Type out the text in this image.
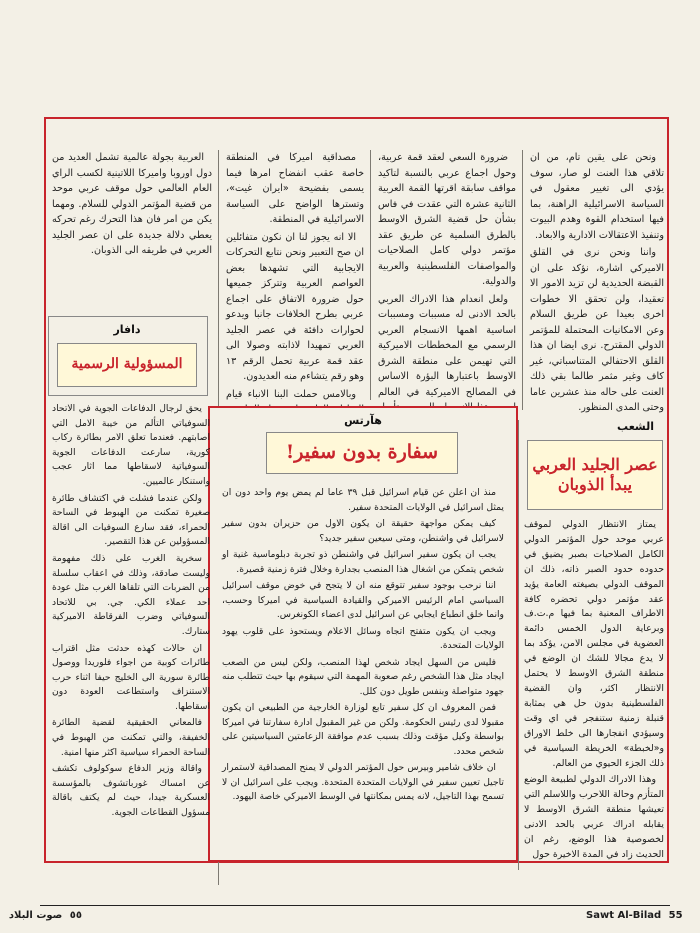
ونحن على يقين تام، من ان تلاقي هذا العنت لو صار، سوف يؤدي الى تغيير معقول في السياسة الاسرائيلية الراهنة، بما فيها استخدام القوة وهدم البيوت وتنفيذ الاعتقالات الادارية والابعاد.

واننا ونحن نرى في القلق الاميركي اشارة، نؤكد على ان القبضة الحديدية لن تزيد الامور الا تعقيدا، ولن تحقق الا خطوات اخرى بعيدا عن طريق السلام وعن الامكانيات المحتملة للمؤتمر الدولي المقترح. نرى ايضا ان هذا القلق الاحتفالي المتناسباتي، غير كاف وغير مثمر طالما بقي ذلك العنت على حاله منذ عشرين عاما وحتى المدى المنظور.

ضرورة السعي لعقد قمة عربية، وحول اجماع عربي بالنسبة لتاكيد مواقف سابقة اقرتها القمة العربية الثانية عشرة التي عقدت في فاس بشأن حل قضية الشرق الاوسط بالطرق السلمية عن طريق عقد مؤتمر دولي كامل الصلاحيات والمواصفات الفلسطينية والعربية والدولية.

ولعل انعدام هذا الادراك العربي بالحد الادنى له مسببات ومسببات اساسية اهمها الانسجام العربي الرسمي مع المخططات الاميركية التي تهيمن على منطقة الشرق الاوسط باعتبارها البؤرة الاساس في المصالح الاميركية في العالم

مصداقية اميركا في المنطقة خاصة عقب انفضاح امرها فيما يسمى بفضيحة «ايران غيت»، وتسترها الواضح على السياسة الاسرائيلية في المنطقة.

الا انه يجوز لنا ان نكون متفائلين ان صح التعبير ونحن نتابع التحركات الايجابية التي تشهدها بعض العواصم العربية وتتركز جميعها حول ضرورة الاتفاق على اجماع عربي بطرح الخلافات جانبا ويدعو لحوارات دافئة في عصر الجليد العربي تمهيدا لاذابته وصولا الى عقد قمة عربية تحمل الرقم ١٣ وهو رقم يتشاءم منه العديدون.

وبالامس حملت البنا الانباء قيام

العربية بجولة عالمية تشمل العديد من دول اوروبا واميركا اللاتينية لكسب الراي العام العالمي حول موقف عربي موحد من قضية المؤتمر الدولي للسلام. ومهما يكن من امر فان هذا التحرك رغم تحركه يعطي دلالة جديدة على ان عصر الجليد العربي في طريقه الى الذوبان.

الشعب
عصر الجليد العربي
يبدأ الذوبان

يمتاز الانتظار الدولي لموقف عربي موحد حول المؤتمر الدولي الكامل الصلاحيات بصبر يضيق في حدوده حدود الصبر ذاته، ذلك ان الموقف الدولي بصيغته العامة يؤيد عقد مؤتمر دولي تحضره كافة الاطراف المعنية بما فيها م.ت.ف وبرعاية الدول الخمس دائمة العضوية في مجلس الامن، يؤكد بما لا يدع مجالا للشك ان الوضع في منطقة الشرق الاوسط لا يحتمل الانتظار اكثر، وان القضية الفلسطينية بدون حل هي بمثابة قنبلة زمنية ستنفجر في اي وقت وسيؤدي انفجارها الى خلط الاوراق و«لخبطة» الخريطة السياسية في ذلك الجزء الحيوي من العالم.

وهذا الادراك الدولي لطبيعة الوضع المتأزم وحالة اللاحرب واللاسلم التي تعيشها منطقة الشرق الاوسط لا يقابله ادراك عربي بالحد الادنى لخصوصية هذا الوضع، رغم ان الحديث زاد في المدة الاخيرة حول

هآرتس
سفارة بدون سفير!

منذ ان اعلن عن قيام اسرائيل قبل ٣٩ عاما لم يمض يوم واحد دون ان يمثل اسرائيل في الولايات المتحدة سفير.

كيف يمكن مواجهة حقيقة ان يكون الاول من حزيران بدون سفير لاسرائيل في واشنطن، ومتى سيعين سفير جديد؟

يجب ان يكون سفير اسرائيل في واشنطن ذو تجربة دبلوماسية غنية او شخص يتمكن من اشغال هذا المنصب بجدارة وخلال فترة زمنية قصيرة.

اننا نرحب بوجود سفير تتوقع منه ان لا يتجح في خوض موقف اسرائيل السياسي امام الرئيس الاميركي والقيادة السياسية في اميركا وحسب، وانما خلق انطباع ايجابي عن اسرائيل لدى اعضاء الكونغرس.

ويجب ان يكون متفتح اتجاه وسائل الاعلام ويستحوذ على قلوب يهود الولايات المتحدة.

فليس من السهل ايجاد شخص لهذا المنصب، ولكن ليس من الصعب ايجاد مثل هذا الشخص رغم صعوبة المهمة التي سيقوم بها حيث تتطلب منه جهود متواصلة وبنفس طويل دون كلل.

فمن المعروف ان كل سفير تابع لوزارة الخارجية من الطبيعي ان يكون مقبولا لدى رئيس الحكومة. ولكن من غير المقبول ادارة سفارتنا في اميركا بواسطة وكيل مؤقت وذلك بسبب عدم موافقة الزعامتين السياسيتين على شخص محدد.

ان خلاف شامير وبيرس حول المؤتمر الدولي لا يمنح المصداقية لاستمرار تاجيل تعيين سفير في الولايات المتحدة المتحدة. ويجب على اسرائيل ان لا تسمح بهذا التاجيل، لانه يمس بمكانتها في الوسط الاميركي خاصة اليهود.

دافار
المسؤولية الرسمية

يحق لرجال الدفاعات الجوية في الاتحاد السوفياتي التألم من خيبة الامل التي اصابتهم. فعندما تعلق الامر بطائرة ركاب كورية، سارعت الدفاعات الجوية السوفياتية لاسقاطها مما اثار عجب واستنكار عالميين.

ولكن عندما فشلت في اكتشاف طائرة صغيرة تمكنت من الهبوط في الساحة الحمراء، فقد سارع السوفيات الى اقالة المسؤولين عن هذا التقصير.

سخرية الغرب على ذلك مفهومة وليست صادقة، وذلك في اعقاب سلسلة من الضربات التي تلقاها الغرب مثل عودة احد عملاء الكي. جي. بي للاتحاد السوفياتي وضرب الفرقاطة الاميركية ستارك.

ان حالات كهذه حدثت مثل اقتراب طائرات كوبية من اجواء فلوريدا ووصول طائرة سورية الى الخليج حيفا اثناء حرب الاستنزاف واستطاعت العودة دون اسقاطها.

فالمعاني الحقيقية لقضية الطائرة الخفيفة، والتي تمكنت من الهبوط في الساحة الحمراء سياسية اكثر منها امنية.

واقالة وزير الدفاع سوكولوف تكشف عن امساك غورباتشوف بالمؤسسة العسكرية جيدا، حيث لم يكتف باقالة مسؤول القطاعات الجوية.

٥٥ صوت البلاد	Sawt Al-Bilad 55
